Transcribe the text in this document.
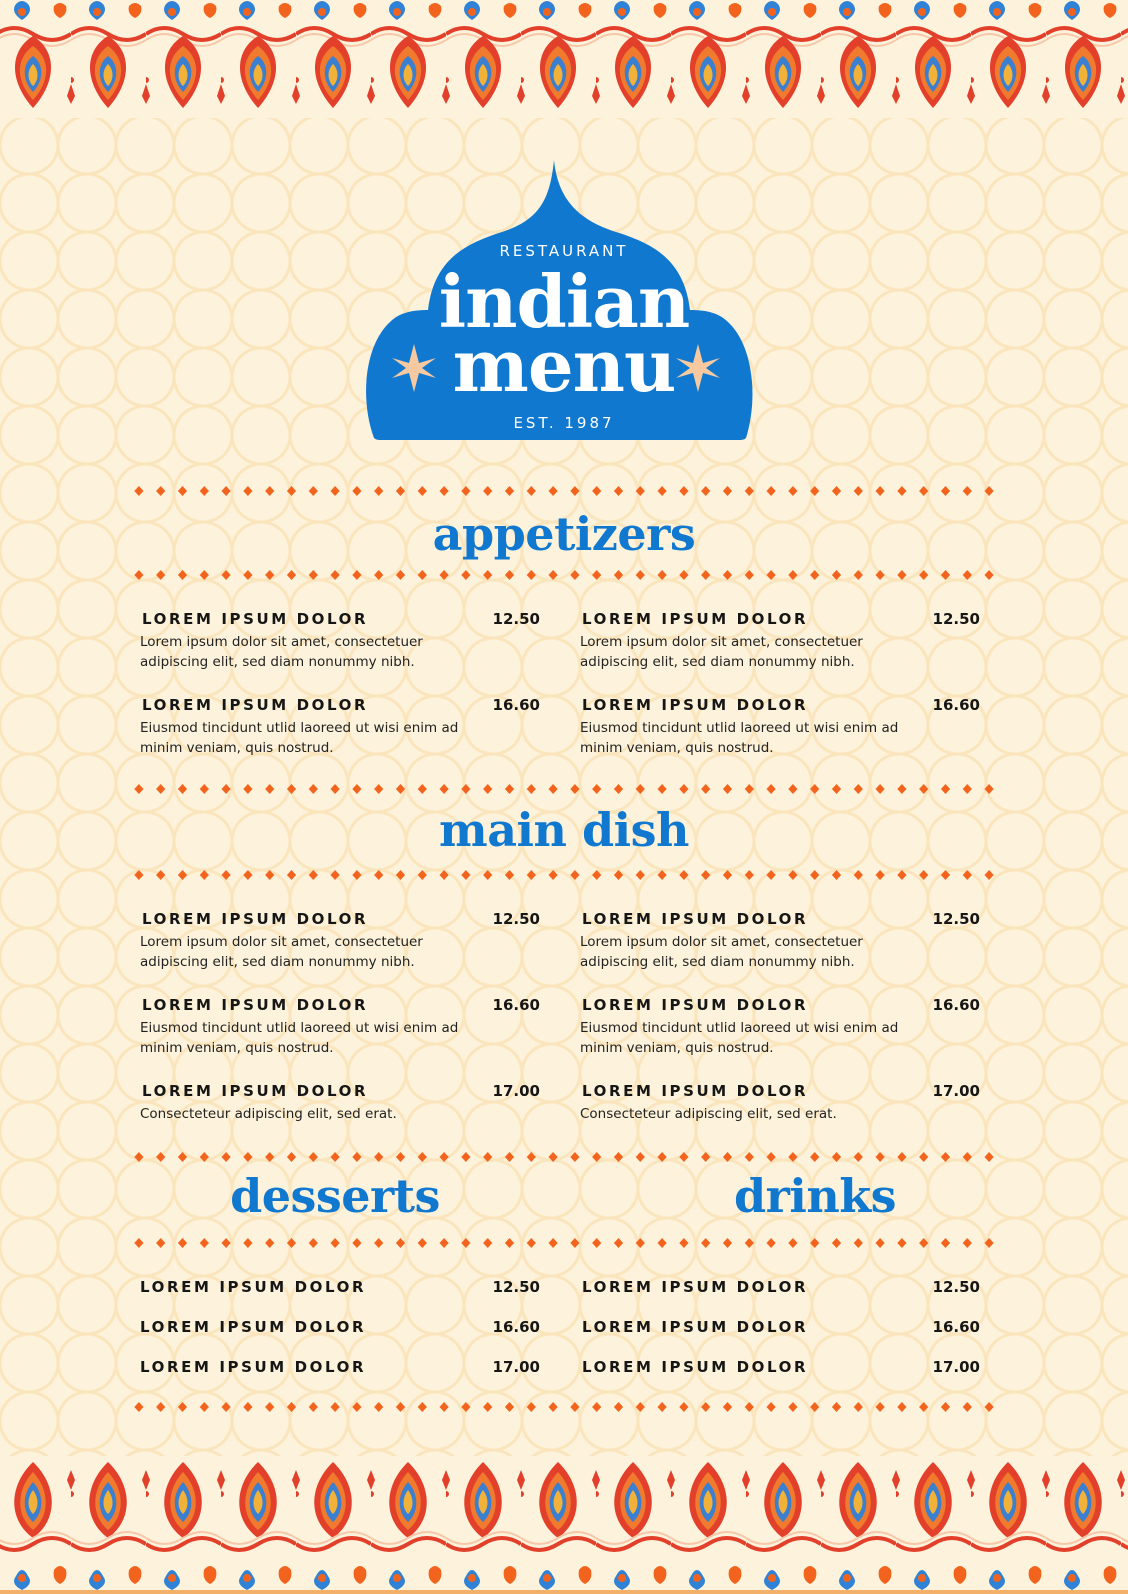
RESTAURANT
indian
menu
EST. 1987
appetizers
LOREM IPSUM DOLOR	12.50
Lorem ipsum dolor sit amet, consectetuer adipiscing elit, sed diam nonummy nibh.
LOREM IPSUM DOLOR	16.60
Eiusmod tincidunt utlid laoreed ut wisi enim ad minim veniam, quis nostrud.
LOREM IPSUM DOLOR	12.50
Lorem ipsum dolor sit amet, consectetuer adipiscing elit, sed diam nonummy nibh.
LOREM IPSUM DOLOR	16.60
Eiusmod tincidunt utlid laoreed ut wisi enim ad minim veniam, quis nostrud.
main dish
LOREM IPSUM DOLOR	12.50
Lorem ipsum dolor sit amet, consectetuer adipiscing elit, sed diam nonummy nibh.
LOREM IPSUM DOLOR	16.60
Eiusmod tincidunt utlid laoreed ut wisi enim ad minim veniam, quis nostrud.
LOREM IPSUM DOLOR	17.00
Consecteteur adipiscing elit, sed erat.
LOREM IPSUM DOLOR	12.50
Lorem ipsum dolor sit amet, consectetuer adipiscing elit, sed diam nonummy nibh.
LOREM IPSUM DOLOR	16.60
Eiusmod tincidunt utlid laoreed ut wisi enim ad minim veniam, quis nostrud.
LOREM IPSUM DOLOR	17.00
Consecteteur adipiscing elit, sed erat.
desserts	drinks
LOREM IPSUM DOLOR	12.50
LOREM IPSUM DOLOR	16.60
LOREM IPSUM DOLOR	17.00
LOREM IPSUM DOLOR	12.50
LOREM IPSUM DOLOR	16.60
LOREM IPSUM DOLOR	17.00
